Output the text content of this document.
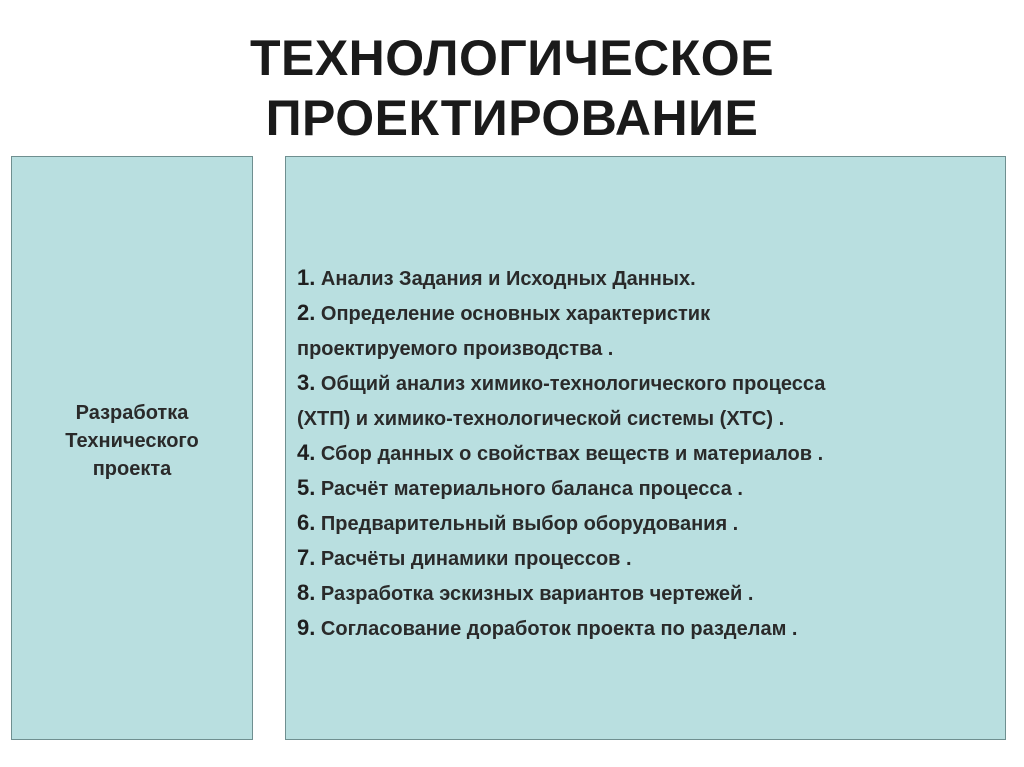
ТЕХНОЛОГИЧЕСКОЕ
ПРОЕКТИРОВАНИЕ
Разработка
Технического
проекта
1. Анализ Задания и Исходных Данных.
2. Определение основных характеристик
проектируемого производства .
3. Общий анализ химико-технологического процесса
(ХТП) и химико-технологической системы (ХТС) .
4. Сбор данных о свойствах веществ и материалов .
5. Расчёт материального баланса процесса .
6. Предварительный выбор оборудования .
7. Расчёты динамики процессов .
8. Разработка эскизных вариантов чертежей .
9. Согласование доработок проекта по разделам .
